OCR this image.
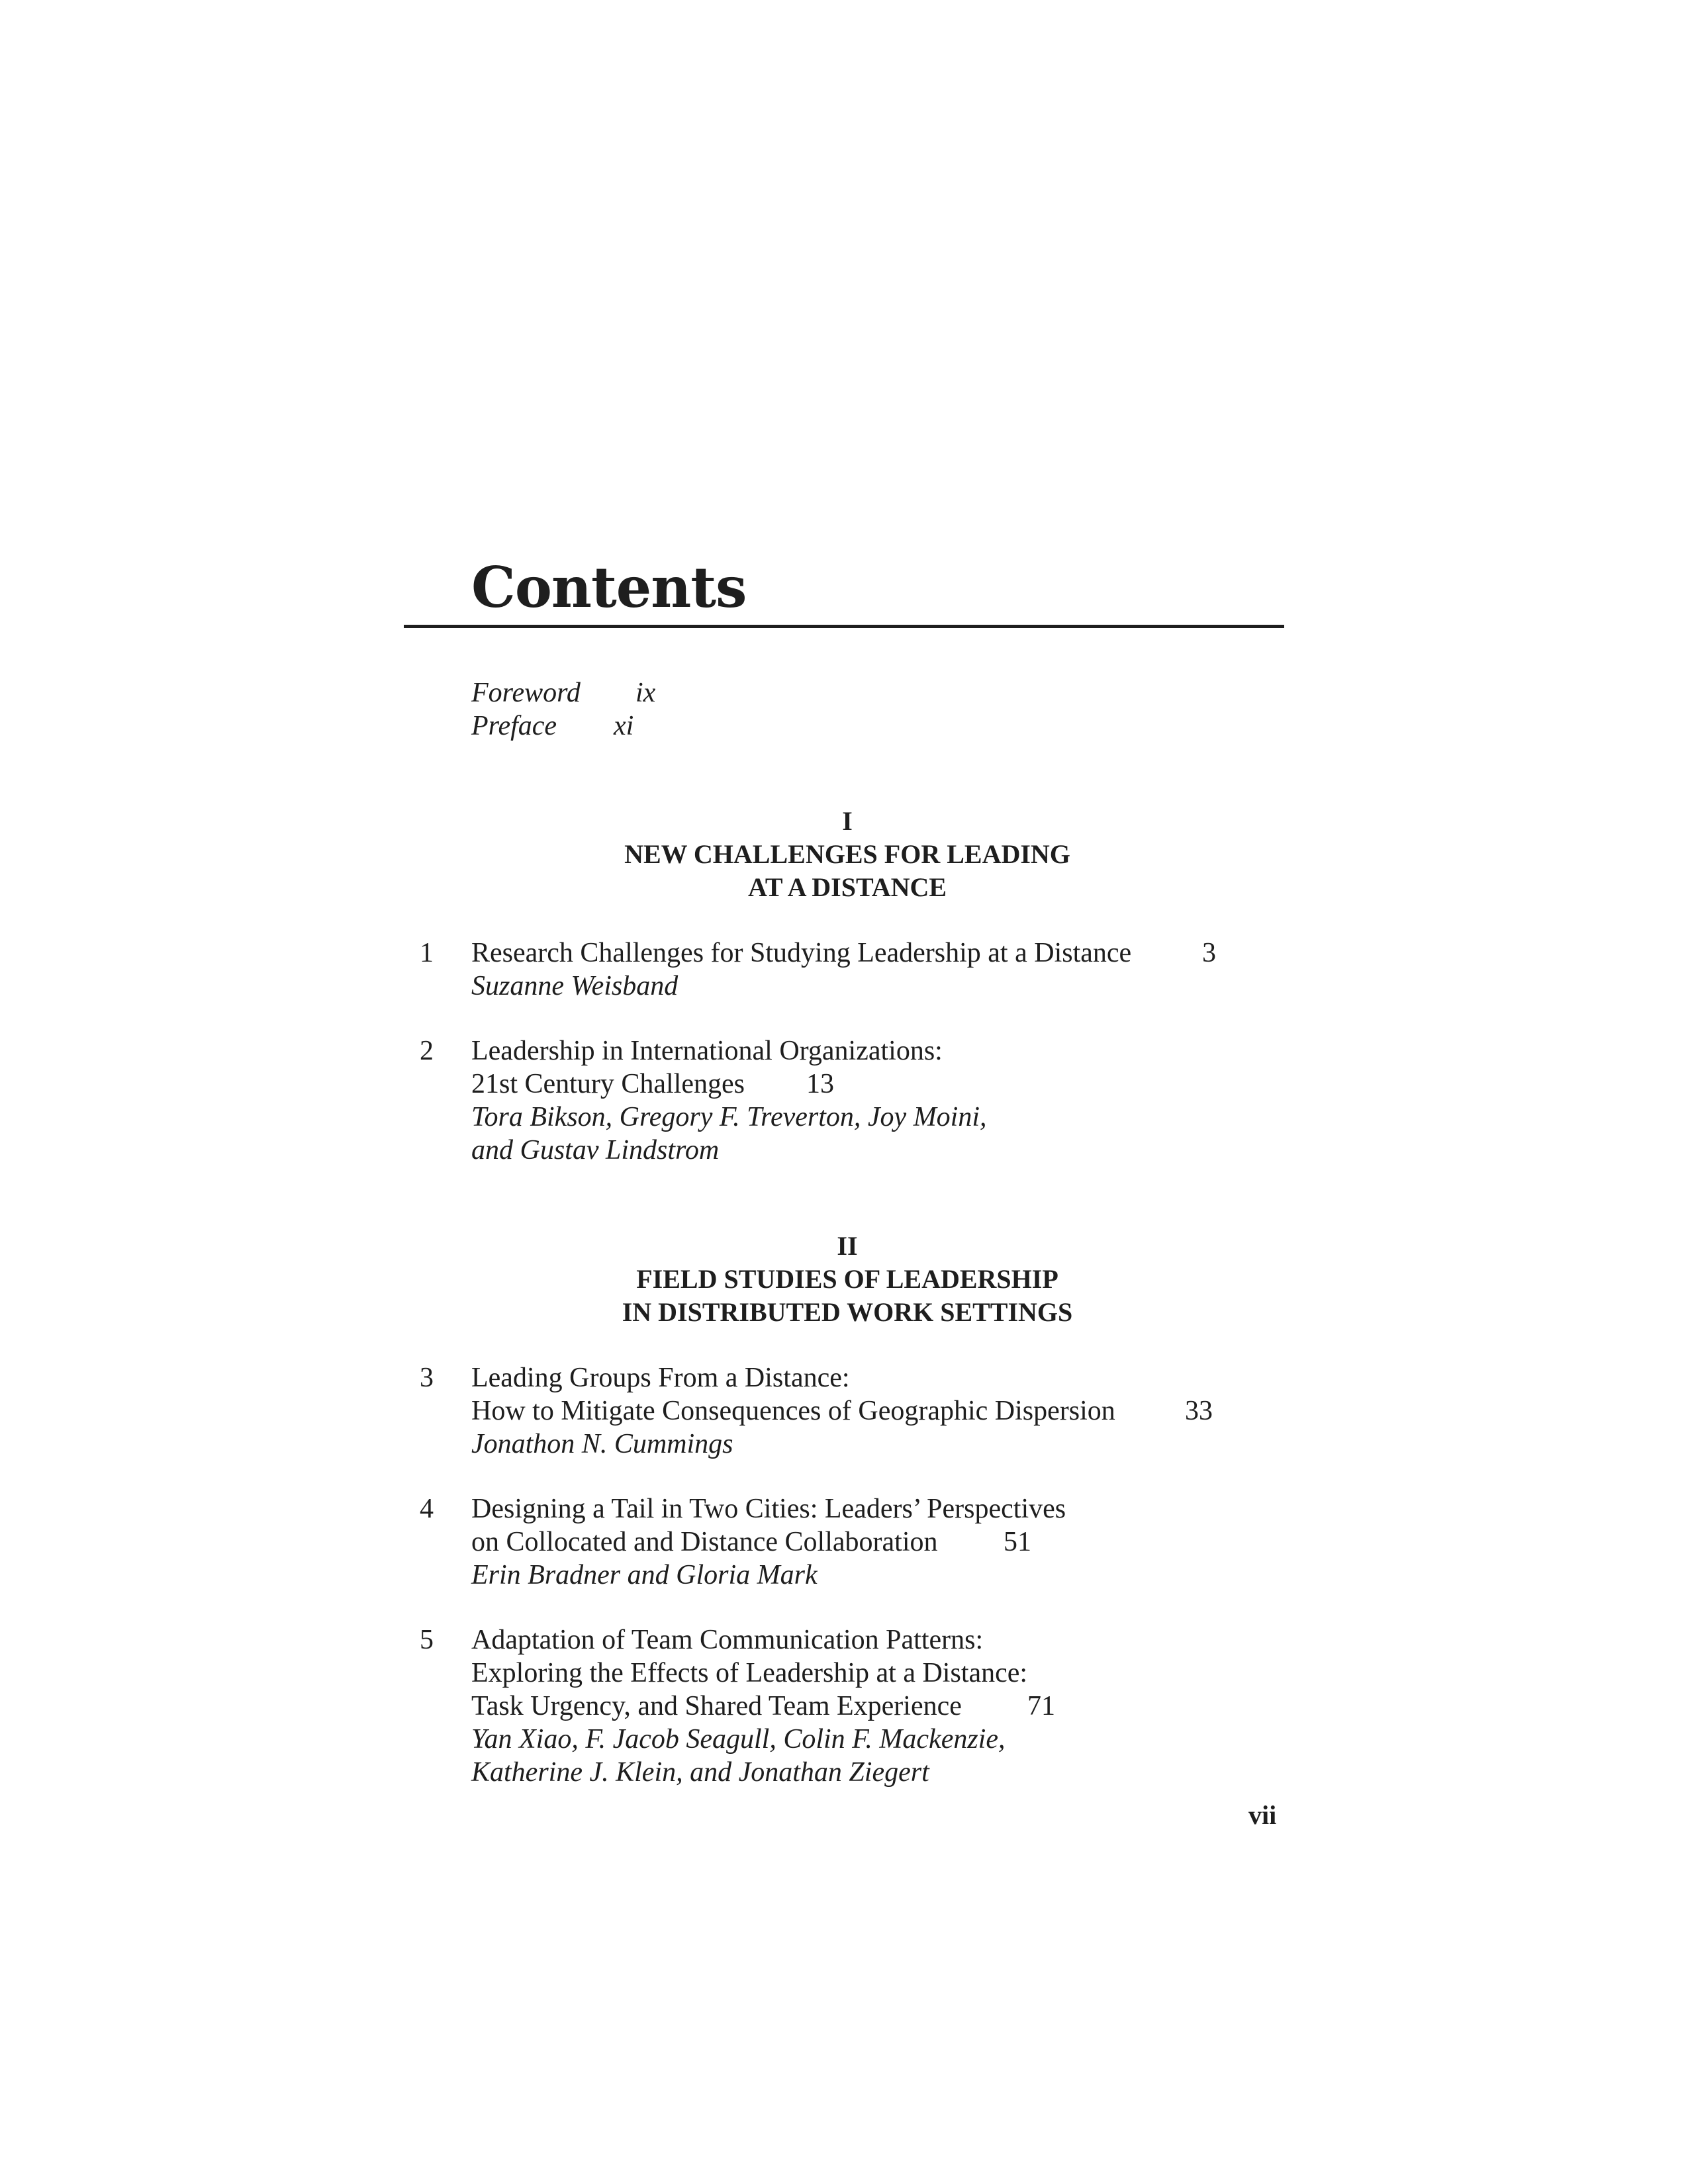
Contents
Foreword ix
Preface xi
I
NEW CHALLENGES FOR LEADING
AT A DISTANCE
1 Research Challenges for Studying Leadership at a Distance	3
Suzanne Weisband
2 Leadership in International Organizations:
21st Century Challenges 13
Tora Bikson, Gregory F. Treverton, Joy Moini,
and Gustav Lindstrom
II
FIELD STUDIES OF LEADERSHIP
IN DISTRIBUTED WORK SETTINGS
3 Leading Groups From a Distance:
How to Mitigate Consequences of Geographic Dispersion	33
Jonathon N. Cummings
4 Designing a Tail in Two Cities: Leaders’ Perspectives
on Collocated and Distance Collaboration 51
Erin Bradner and Gloria Mark
5 Adaptation of Team Communication Patterns:
Exploring the Effects of Leadership at a Distance:
Task Urgency, and Shared Team Experience 71
Yan Xiao, F. Jacob Seagull, Colin F. Mackenzie,
Katherine J. Klein, and Jonathan Ziegert
vii
